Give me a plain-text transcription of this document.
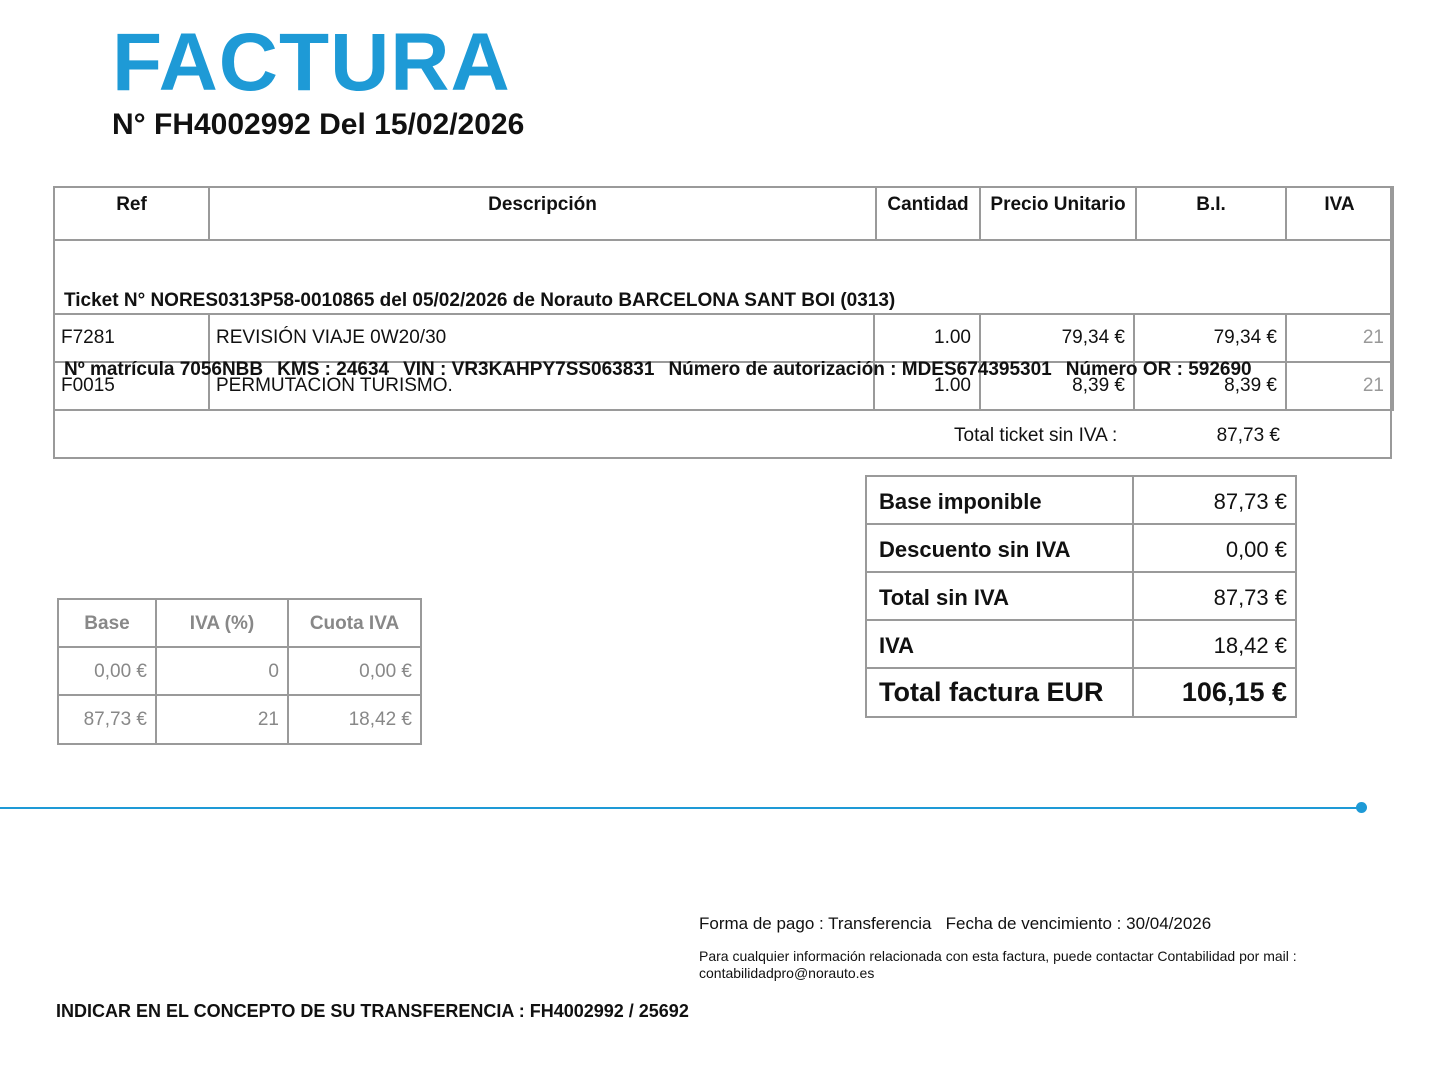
FACTURA
N° FH4002992 Del 15/02/2026
Ref	Descripción	Cantidad	Precio Unitario	B.I.	IVA
F7281	REVISIÓN VIAJE 0W20/30	1.00	79,34 €	79,34 €	21
F0015	PERMUTACION TURISMO.	1.00	8,39 €	8,39 €	21

Ticket N° NORES0313P58-0010865 del 05/02/2026 de Norauto BARCELONA SANT BOI (0313)

Nº matrícula 7056NBB KMS : 24634 VIN : VR3KAHPY7SS063831 Número de autorización : MDES674395301 Número OR : 592690

Total ticket sin IVA :	87,73 €
Base imponible	87,73 €
Descuento sin IVA	0,00 €
Total sin IVA	87,73 €
IVA	18,42 €
Total factura EUR	106,15 €
Base	IVA (%)	Cuota IVA
0,00 €	0	0,00 €
87,73 €	21	18,42 €
Forma de pago : Transferencia   Fecha de vencimiento : 30/04/2026
Para cualquier información relacionada con esta factura, puede contactar Contabilidad por mail : contabilidadpro@norauto.es
INDICAR EN EL CONCEPTO DE SU TRANSFERENCIA : FH4002992 / 25692
